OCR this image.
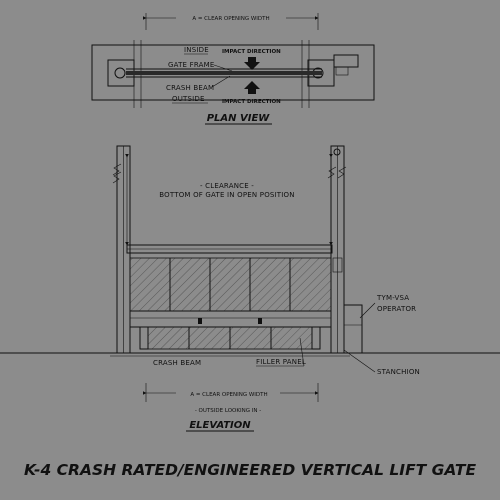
A = CLEAR OPENING WIDTH
INSIDE IMPACT DIRECTION
GATE FRAME
CRASH BEAM
OUTSIDE	IMPACT DIRECTION
PLAN VIEW
- CLEARANCE -
BOTTOM OF GATE IN OPEN POSITION
TYM-VSA
OPERATOR
CRASH BEAM	FILLER PANEL
STANCHION
A = CLEAR OPENING WIDTH
- OUTSIDE LOOKING IN -
ELEVATION
K-4 CRASH RATED/ENGINEERED VERTICAL LIFT GATE
